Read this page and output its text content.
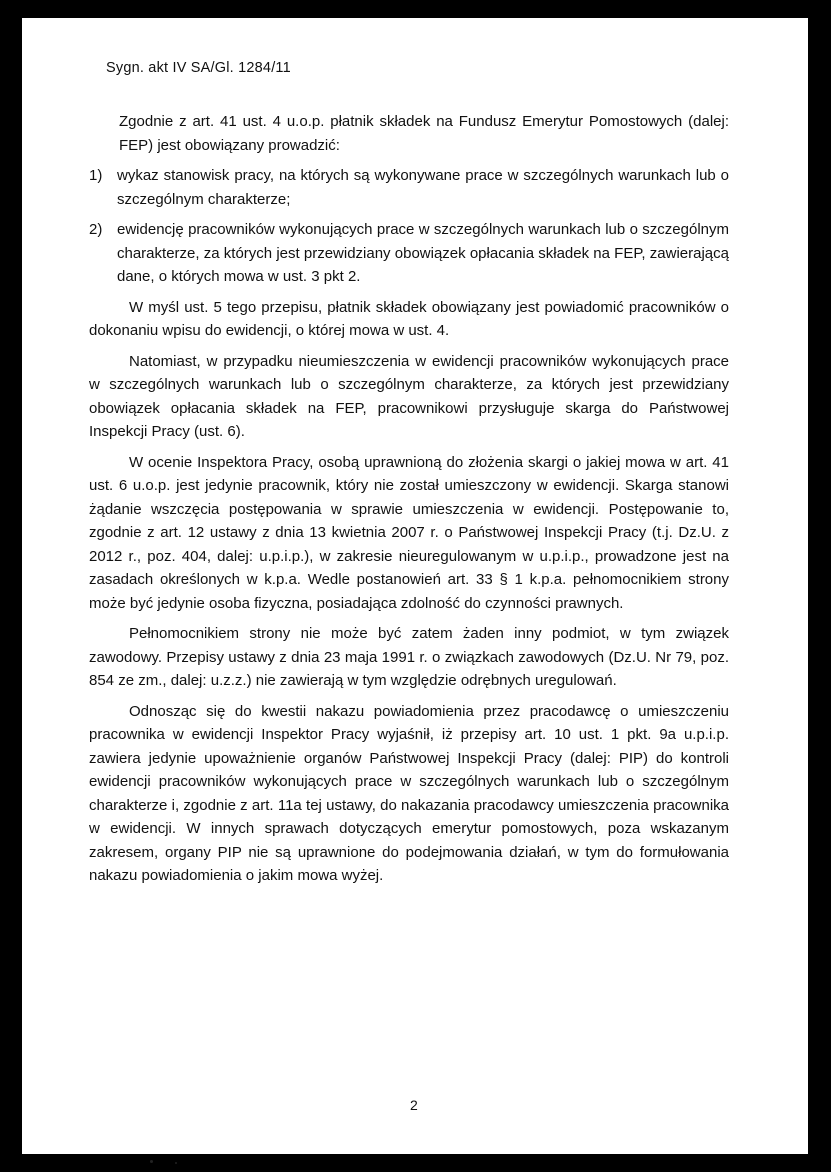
Sygn. akt IV SA/Gl. 1284/11

Zgodnie z art. 41 ust. 4 u.o.p. płatnik składek na Fundusz Emerytur Pomostowych (dalej: FEP) jest obowiązany prowadzić:

1) wykaz stanowisk pracy, na których są wykonywane prace w szczególnych warunkach lub o szczególnym charakterze;
2) ewidencję pracowników wykonujących prace w szczególnych warunkach lub o szczególnym charakterze, za których jest przewidziany obowiązek opłacania składek na FEP, zawierającą dane, o których mowa w ust. 3 pkt 2.

W myśl ust. 5 tego przepisu, płatnik składek obowiązany jest powiadomić pracowników o dokonaniu wpisu do ewidencji, o której mowa w ust. 4.

Natomiast, w przypadku nieumieszczenia w ewidencji pracowników wykonujących prace w szczególnych warunkach lub o szczególnym charakterze, za których jest przewidziany obowiązek opłacania składek na FEP, pracownikowi przysługuje skarga do Państwowej Inspekcji Pracy (ust. 6).

W ocenie Inspektora Pracy, osobą uprawnioną do złożenia skargi o jakiej mowa w art. 41 ust. 6 u.o.p. jest jedynie pracownik, który nie został umieszczony w ewidencji. Skarga stanowi żądanie wszczęcia postępowania w sprawie umieszczenia w ewidencji. Postępowanie to, zgodnie z art. 12 ustawy z dnia 13 kwietnia 2007 r. o Państwowej Inspekcji Pracy (t.j. Dz.U. z 2012 r., poz. 404, dalej: u.p.i.p.), w zakresie nieuregulowanym w u.p.i.p., prowadzone jest na zasadach określonych w k.p.a. Wedle postanowień art. 33 § 1 k.p.a. pełnomocnikiem strony może być jedynie osoba fizyczna, posiadająca zdolność do czynności prawnych.

Pełnomocnikiem strony nie może być zatem żaden inny podmiot, w tym związek zawodowy. Przepisy ustawy z dnia 23 maja 1991 r. o związkach zawodowych (Dz.U. Nr 79, poz. 854 ze zm., dalej: u.z.z.) nie zawierają w tym względzie odrębnych uregulowań.

Odnosząc się do kwestii nakazu powiadomienia przez pracodawcę o umieszczeniu pracownika w ewidencji Inspektor Pracy wyjaśnił, iż przepisy art. 10 ust. 1 pkt. 9a u.p.i.p. zawiera jedynie upoważnienie organów Państwowej Inspekcji Pracy (dalej: PIP) do kontroli ewidencji pracowników wykonujących prace w szczególnych warunkach lub o szczególnym charakterze i, zgodnie z art. 11a tej ustawy, do nakazania pracodawcy umieszczenia pracownika w ewidencji. W innych sprawach dotyczących emerytur pomostowych, poza wskazanym zakresem, organy PIP nie są uprawnione do podejmowania działań, w tym do formułowania nakazu powiadomienia o jakim mowa wyżej.

2
